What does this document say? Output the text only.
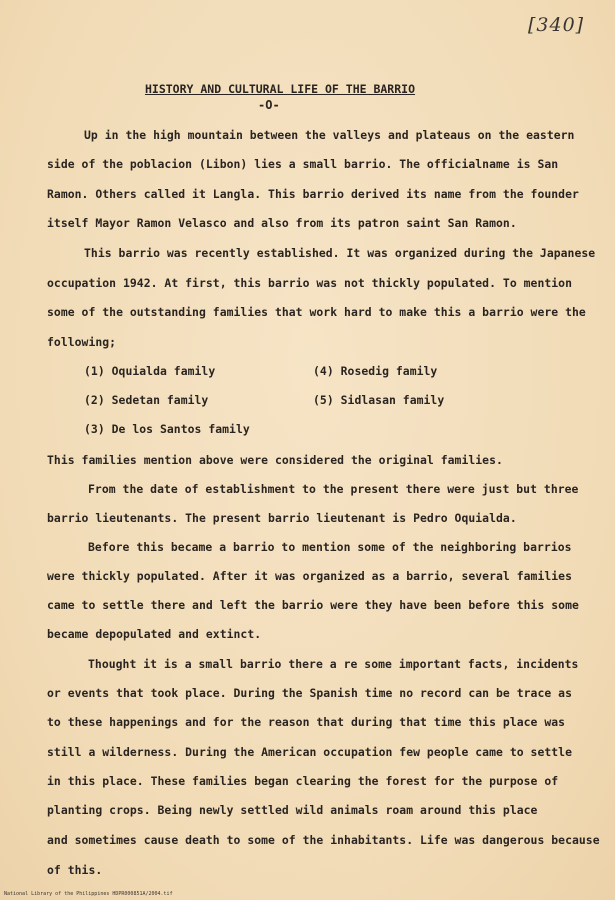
[340]
HISTORY AND CULTURAL LIFE OF THE BARRIO
-O-
Up in the high mountain between the valleys and plateaus on the eastern
side of the poblacion (Libon) lies a small barrio. The officialname is San
Ramon. Others called it Langla. This barrio derived its name from the founder
itself Mayor Ramon Velasco and also from its patron saint San Ramon.
This barrio was recently established. It was organized during the Japanese
occupation 1942. At first, this barrio was not thickly populated. To mention
some of the outstanding families that work hard to make this a barrio were the
following;
(1) Oquialda family
(2) Sedetan family
(3) De los Santos family
(4) Rosedig family
(5) Sidlasan family
This families mention above were considered the original families.
From the date of establishment to the present there were just but three
barrio lieutenants. The present barrio lieutenant is Pedro Oquialda.
Before this became a barrio to mention some of the neighboring barrios
were thickly populated. After it was organized as a barrio, several families
came to settle there and left the barrio were they have been before this some
became depopulated and extinct.
Thought it is a small barrio there a re some important facts, incidents
or events that took place. During the Spanish time no record can be trace as
to these happenings and for the reason that during that time this place was
still a wilderness. During the American occupation few people came to settle
in this place. These families began clearing the forest for the purpose of
planting crops. Being newly settled wild animals roam around this place
and sometimes cause death to some of the inhabitants. Life was dangerous because
of this.
National Library of the Philippines HDPR000851A/2004.tif
